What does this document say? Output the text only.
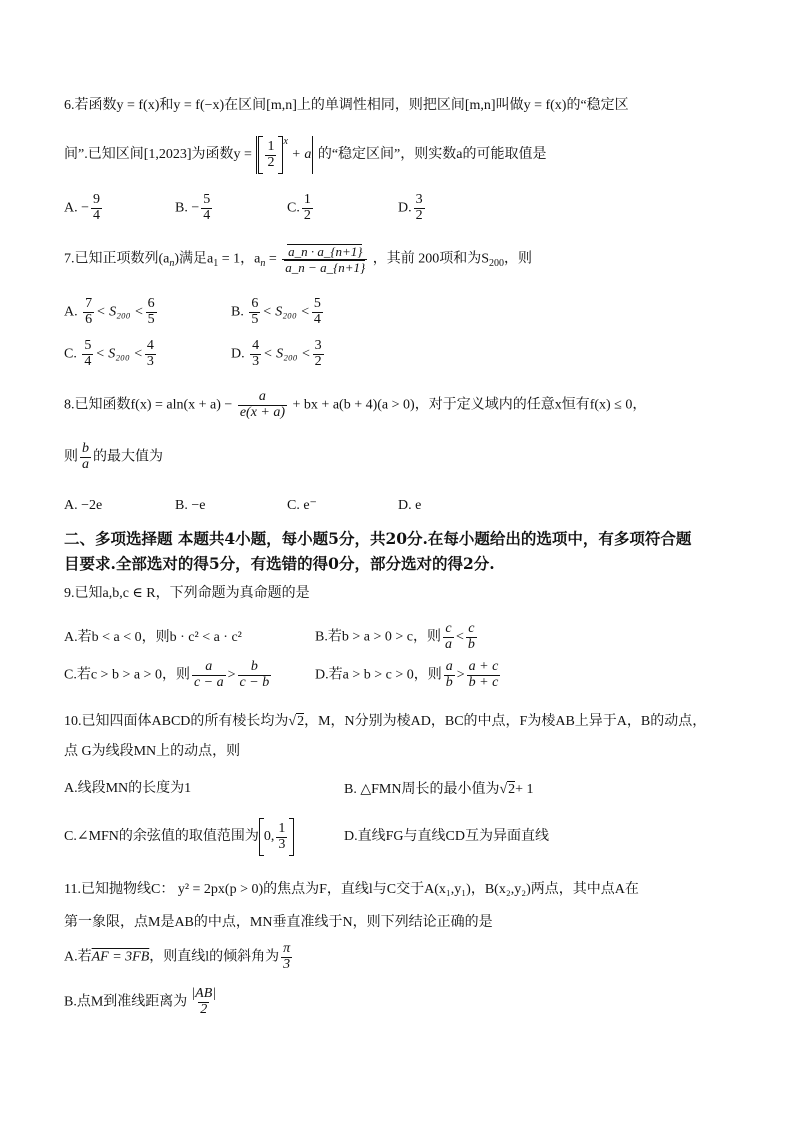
6.若函数y = f(x)和y = f(−x)在区间[m,n]上的单调性相同，则把区间[m,n]叫做y = f(x)的“稳定区
间”.已知区间[1,2023]为函数$y = \frac{1}{2} ^x + a$ 的“稳定区间”，则实数a的可能取值是
A. − $\frac{9}{4}$	B. − $\frac{5}{4}$	C. $\frac{1}{2}$	D. $\frac{3}{2}$
7.已知正项数列$(a_n)$满足$a_1 = 1$，$a_n = \frac{a\_n \cdot a\_\{n+1\}}{a\_n - a\_\{n+1\}}$ ，其前 200项和为$S_{200}$，则
A. $\frac{7}{6} < S_{200} < \frac{6}{5}$	B. $\frac{6}{5} < S_{200} < \frac{5}{4}$
C. $\frac{5}{4} < S_{200} < \frac{4}{3}$	D. $\frac{4}{3} < S_{200} < \frac{3}{2}$
8.已知函数$f(x) = aln(x + a) - \frac{a}{e(x + a)}$ + bx + a(b + 4)(a > 0)，对于定义域内的任意x恒有f(x) ≤ 0，
则 $\frac{b}{a}$ 的最大值为
A. −2e	B. −e	C. e⁻	D. e
二、多项选择题 本题共4小题，每小题5分，共20分.在每小题给出的选项中，有多项符合题
目要求.全部选对的得5分，有选错的得0分，部分选对的得2分.
9.已知a,b,c ∈ R，下列命题为真命题的是
A.若b < a < 0，则b · c² < a · c²	B.若b > a > 0 > c，则 $\frac{c}{a} < \frac{c}{b}$
C.若c > b > a > 0，则 $\frac{a}{c - a} > \frac{b}{c - b}$	D.若a > b > c > 0，则 $\frac{a}{b} > \frac{a + c}{b + c}$
10.已知四面体ABCD的所有棱长均为√2，M，N分别为棱AD，BC的中点，F为棱AB上异于A，B的动点，
点 G为线段MN上的动点，则
A.线段MN的长度为1	B. △FMN周长的最小值为√2+ 1
C.∠MFN的余弦值的取值范围为 0, $\frac{1}{3}$	D.直线FG与直线CD互为异面直线
11.已知抛物线C： y² = 2px(p > 0)的焦点为F，直线l与C交于A(x₁,y₁)，B(x₂,y₂)两点，其中点A在
第一象限，点M是AB的中点，MN垂直准线于N，则下列结论正确的是
A.若AF = 3FB，则直线l的倾斜角为 $\frac{\pi}{3}$
B.点M到准线距离为 $\frac{|AB|}{2}$
